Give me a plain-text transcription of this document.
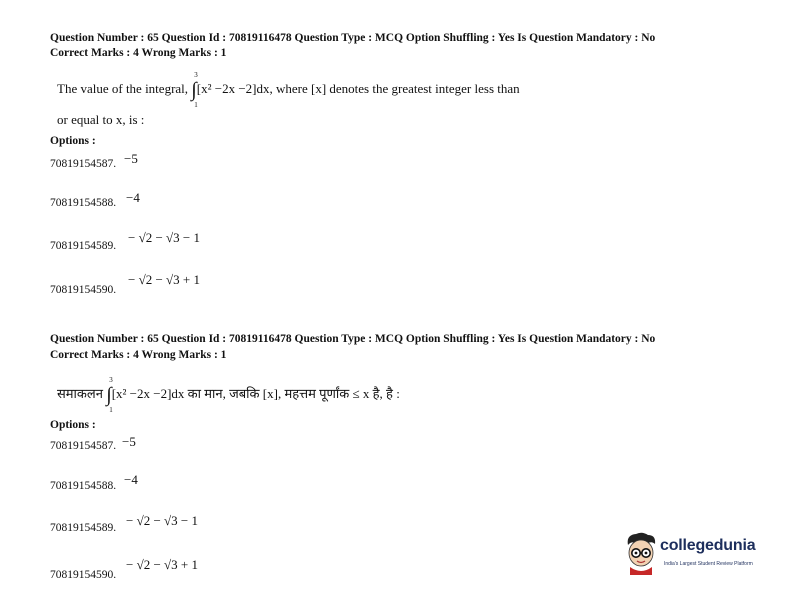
Question Number : 65 Question Id : 70819116478 Question Type : MCQ Option Shuffling : Yes Is Question Mandatory : No
Correct Marks : 4 Wrong Marks : 1
The value of the integral,
3
∫
1
[x² −2x −2]dx, where [x] denotes the greatest integer less than
or equal to x, is :
Options :
70819154587. −5
70819154588. −4
70819154589.
− √2 − √3 − 1
70819154590.
− √2 − √3 + 1
Question Number : 65 Question Id : 70819116478 Question Type : MCQ Option Shuffling : Yes Is Question Mandatory : No
Correct Marks : 4 Wrong Marks : 1
समाकलन
3
∫
1
[x² −2x −2]dx का मान, जबकि [x], महत्तम पूर्णांक ≤ x है, है :
Options :
70819154587. −5
70819154588. −4
70819154589. − √2 − √3 − 1
70819154590.
− √2 − √3 + 1
collegedunia
India's Largest Student Review Platform
